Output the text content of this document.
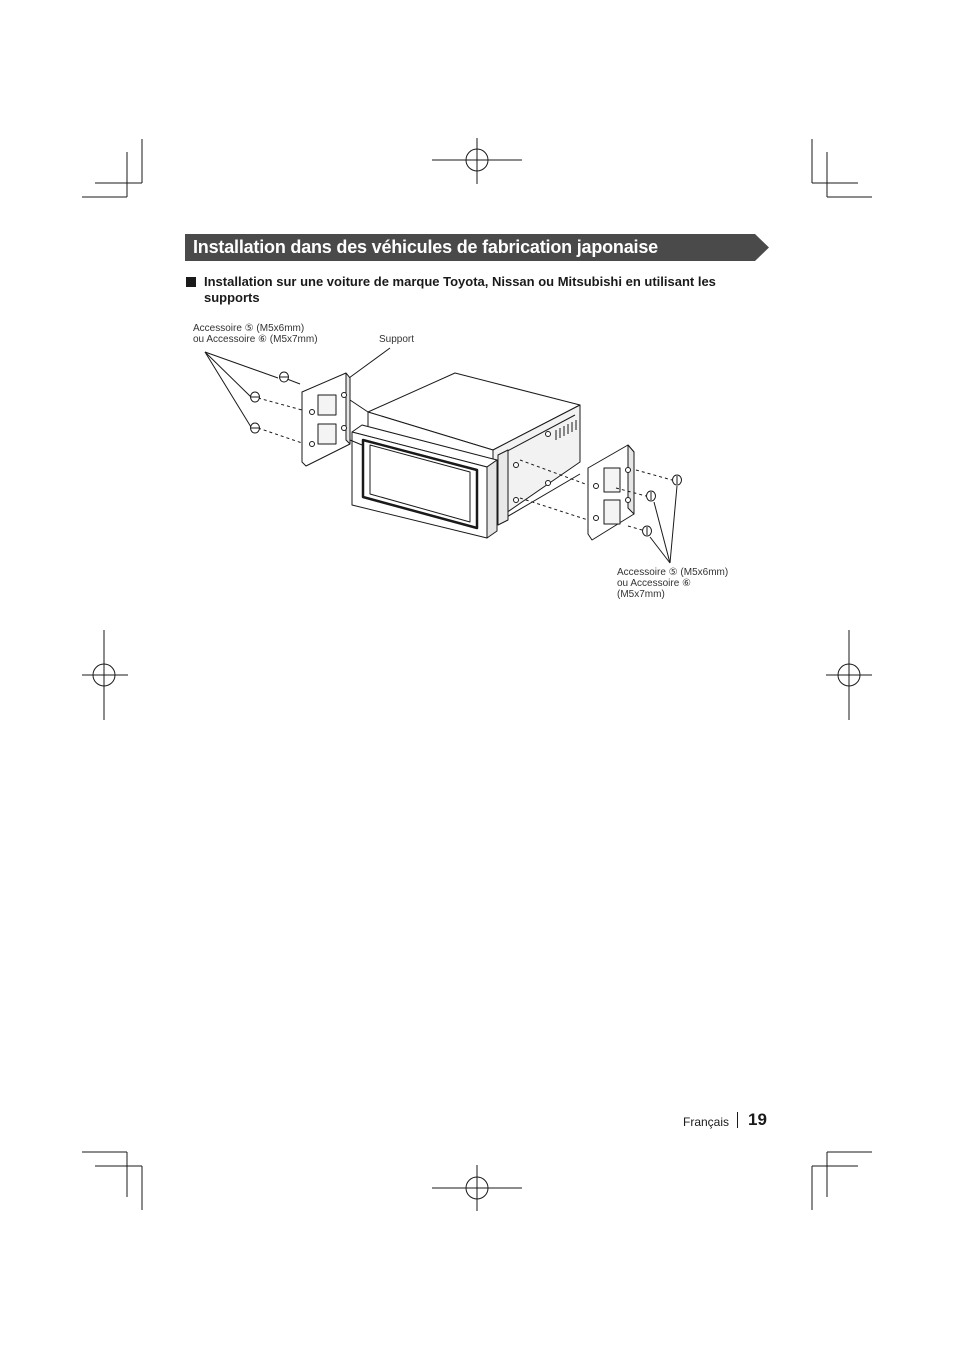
Installation dans des véhicules de fabrication japonaise
Installation sur une voiture de marque Toyota, Nissan ou Mitsubishi en utilisant les supports
Accessoire ⑤ (M5x6mm)
ou Accessoire ⑥ (M5x7mm)	Support
Accessoire ⑤ (M5x6mm)
ou Accessoire ⑥
(M5x7mm)
Français 19
